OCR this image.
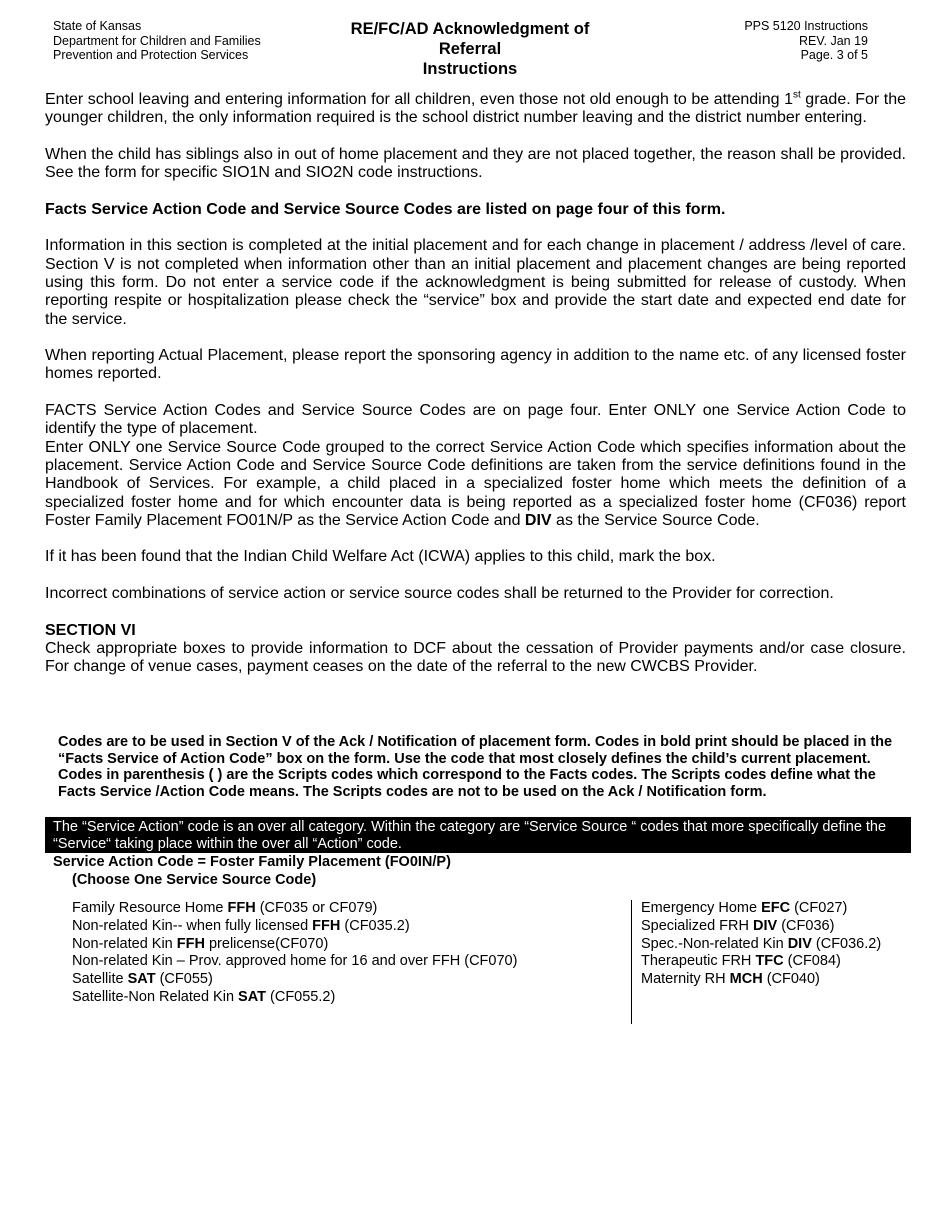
State of Kansas
Department for Children and Families
Prevention and Protection Services
RE/FC/AD Acknowledgment of
Referral
Instructions
PPS 5120 Instructions
REV. Jan 19
Page. 3 of 5

Enter school leaving and entering information for all children, even those not old enough to be attending 1st grade. For the younger children, the only information required is the school district number leaving and the district number entering.

When the child has siblings also in out of home placement and they are not placed together, the reason shall be provided. See the form for specific SIO1N and SIO2N code instructions.

Facts Service Action Code and Service Source Codes are listed on page four of this form.

Information in this section is completed at the initial placement and for each change in placement / address /level of care. Section V is not completed when information other than an initial placement and placement changes are being reported using this form. Do not enter a service code if the acknowledgment is being submitted for release of custody. When reporting respite or hospitalization please check the “service” box and provide the start date and expected end date for the service.

When reporting Actual Placement, please report the sponsoring agency in addition to the name etc. of any licensed foster homes reported.

FACTS Service Action Codes and Service Source Codes are on page four. Enter ONLY one Service Action Code to identify the type of placement.

Enter ONLY one Service Source Code grouped to the correct Service Action Code which specifies information about the placement. Service Action Code and Service Source Code definitions are taken from the service definitions found in the Handbook of Services. For example, a child placed in a specialized foster home which meets the definition of a specialized foster home and for which encounter data is being reported as a specialized foster home (CF036) report Foster Family Placement FO01N/P as the Service Action Code and DIV as the Service Source Code.

If it has been found that the Indian Child Welfare Act (ICWA) applies to this child, mark the box.

Incorrect combinations of service action or service source codes shall be returned to the Provider for correction.

SECTION VI

Check appropriate boxes to provide information to DCF about the cessation of Provider payments and/or case closure. For change of venue cases, payment ceases on the date of the referral to the new CWCBS Provider.

Codes are to be used in Section V of the Ack / Notification of placement form. Codes in bold print should be placed in the “Facts Service of Action Code” box on the form. Use the code that most closely defines the child’s current placement. Codes in parenthesis ( ) are the Scripts codes which correspond to the Facts codes. The Scripts codes define what the Facts Service /Action Code means. The Scripts codes are not to be used on the Ack / Notification form.
The “Service Action” code is an over all category. Within the category are “Service Source “ codes that more specifically define the “Service“ taking place within the over all “Action” code.
Service Action Code = Foster Family Placement (FO0IN/P)
(Choose One Service Source Code)
Family Resource Home FFH (CF035 or CF079)
Non-related Kin-- when fully licensed FFH (CF035.2)
Non-related Kin FFH prelicense(CF070)
Non-related Kin – Prov. approved home for 16 and over FFH (CF070)
Satellite SAT (CF055)
Satellite-Non Related Kin SAT (CF055.2)
Emergency Home EFC (CF027)
Specialized FRH DIV (CF036)
Spec.-Non-related Kin DIV (CF036.2)
Therapeutic FRH TFC (CF084)
Maternity RH MCH (CF040)
